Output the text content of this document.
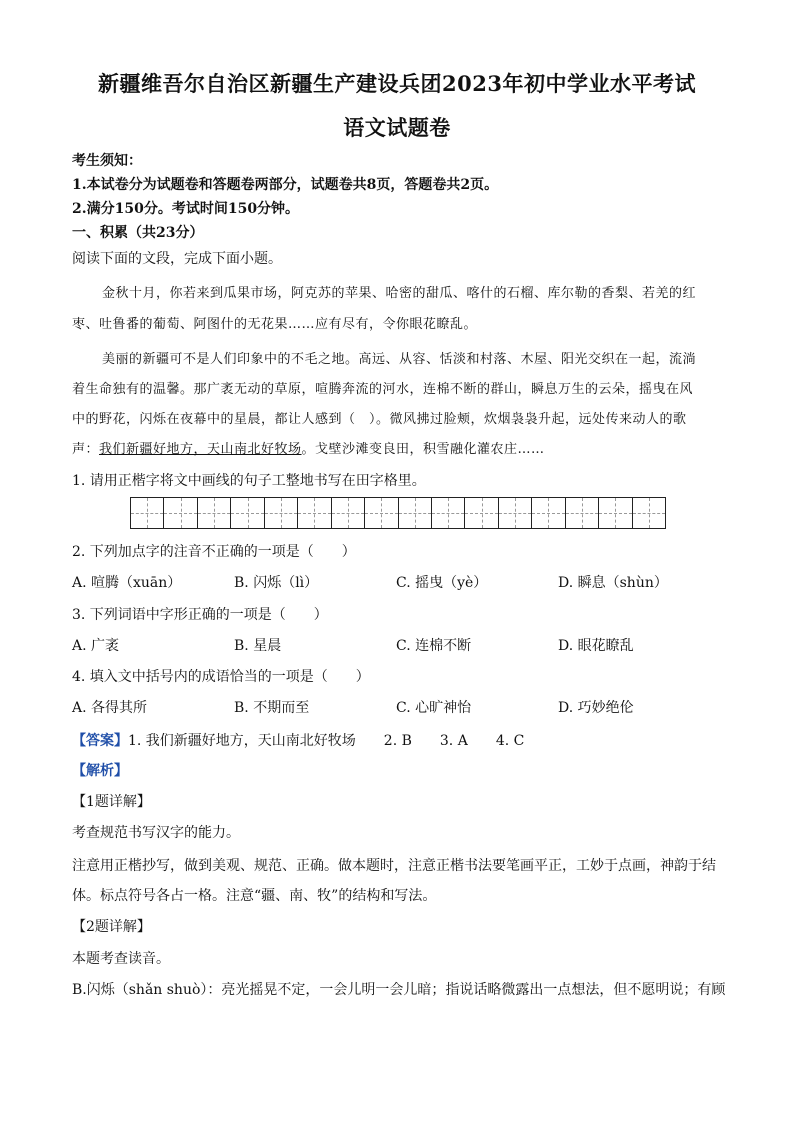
新疆维吾尔自治区新疆生产建设兵团2023年初中学业水平考试
语文试题卷
考生须知：
1.本试卷分为试题卷和答题卷两部分，试题卷共8页，答题卷共2页。
2.满分150分。考试时间150分钟。
一、积累（共23分）
阅读下面的文段，完成下面小题。
金秋十月，你若来到瓜果市场，阿克苏的苹果、哈密的甜瓜、喀什的石榴、库尔勒的香梨、若羌的红
枣、吐鲁番的葡萄、阿图什的无花果……应有尽有，令你眼花瞭乱。
美丽的新疆可不是人们印象中的不毛之地。高远、从容、恬淡和村落、木屋、阳光交织在一起，流淌
着生命独有的温馨。那广袤无动的草原，喧腾奔流的河水，连棉不断的群山，瞬息万生的云朵，摇曳在风
中的野花，闪烁在夜幕中的星晨，都让人感到（　）。微风拂过脸颊，炊烟袅袅升起，远处传来动人的歌
声：我们新疆好地方，天山南北好牧场。戈壁沙滩变良田，积雪融化灌农庄……
1. 请用正楷字将文中画线的句子工整地书写在田字格里。
2. 下列加点字的注音不正确的一项是（　　）
A. 喧腾（xuān）	B. 闪烁（lì）	C. 摇曳（yè）	D. 瞬息（shùn）
3. 下列词语中字形正确的一项是（　　）
A. 广袤	B. 星晨	C. 连棉不断	D. 眼花瞭乱
4. 填入文中括号内的成语恰当的一项是（　　）
A. 各得其所	B. 不期而至	C. 心旷神怡	D. 巧妙绝伦
【答案】1. 我们新疆好地方，天山南北好牧场　　2. B　　3. A　　4. C
【解析】
【1题详解】
考查规范书写汉字的能力。
注意用正楷抄写，做到美观、规范、正确。做本题时，注意正楷书法要笔画平正，工妙于点画，神韵于结
体。标点符号各占一格。注意“疆、南、牧”的结构和写法。
【2题详解】
本题考查读音。
B.闪烁（shǎn shuò）：亮光摇晃不定，一会儿明一会儿暗；指说话略微露出一点想法，但不愿明说；有顾
